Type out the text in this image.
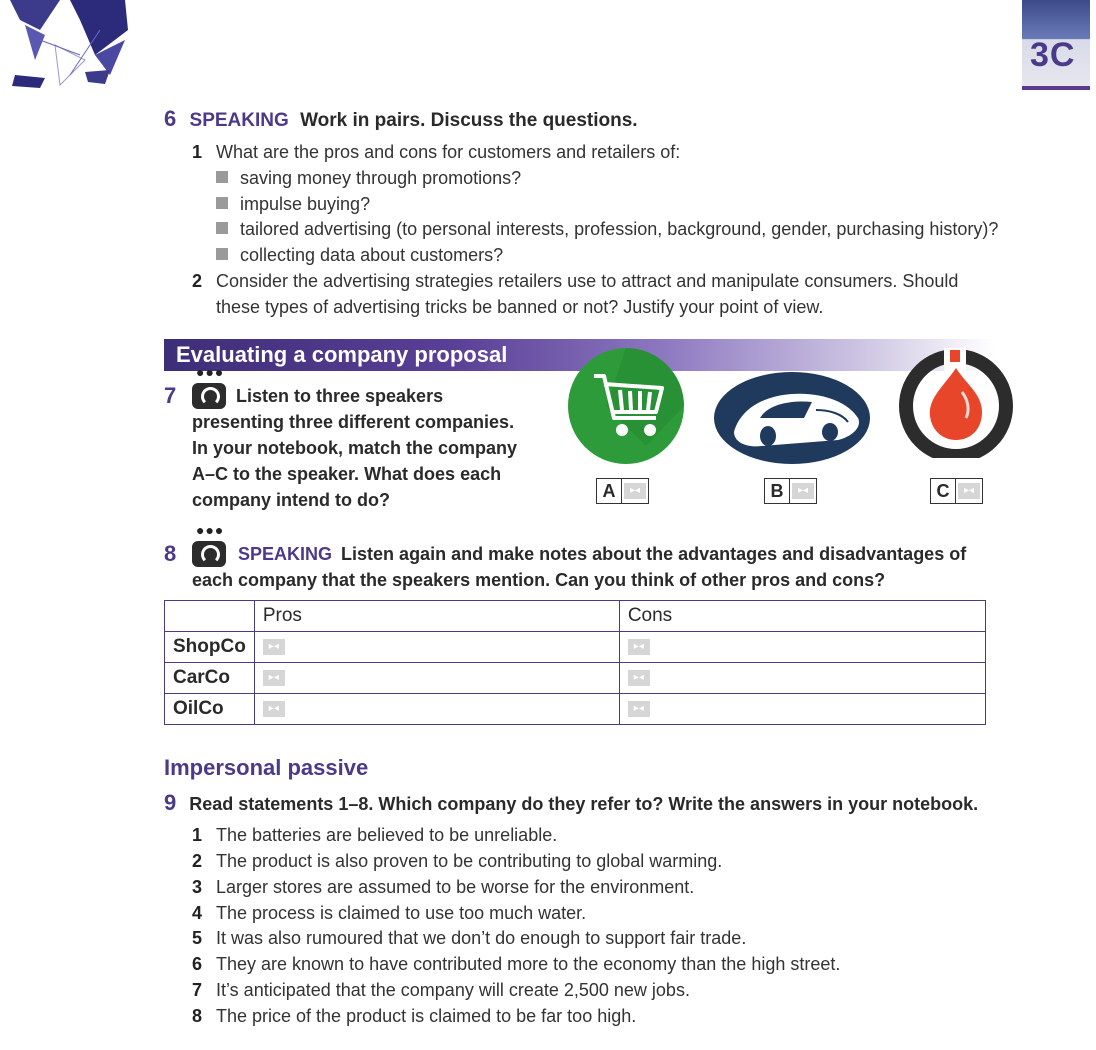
3C
6 SPEAKING Work in pairs. Discuss the questions.
1 What are the pros and cons for customers and retailers of:
saving money through promotions?
impulse buying?
tailored advertising (to personal interests, profession, background, gender, purchasing history)?
collecting data about customers?
2 Consider the advertising strategies retailers use to attract and manipulate consumers. Should
these types of advertising tricks be banned or not? Justify your point of view.
Evaluating a company proposal
●●●
7	Listen to three speakers
presenting three different companies.
In your notebook, match the company
A–C to the speaker. What does each
company intend to do?	A	▸◂	B	▸◂	C	▸◂
●●●
8	SPEAKING Listen again and make notes about the advantages and disadvantages of
each company that the speakers mention. Can you think of other pros and cons?
	Pros	Cons
ShopCo	▸◂	▸◂

CarCo	▸◂	▸◂

OilCo	▸◂	▸◂
Impersonal passive
9 Read statements 1–8. Which company do they refer to? Write the answers in your notebook.
1 The batteries are believed to be unreliable.
2 The product is also proven to be contributing to global warming.
3 Larger stores are assumed to be worse for the environment.
4 The process is claimed to use too much water.
5 It was also rumoured that we don’t do enough to support fair trade.
6 They are known to have contributed more to the economy than the high street.
7 It’s anticipated that the company will create 2,500 new jobs.
8 The price of the product is claimed to be far too high.
